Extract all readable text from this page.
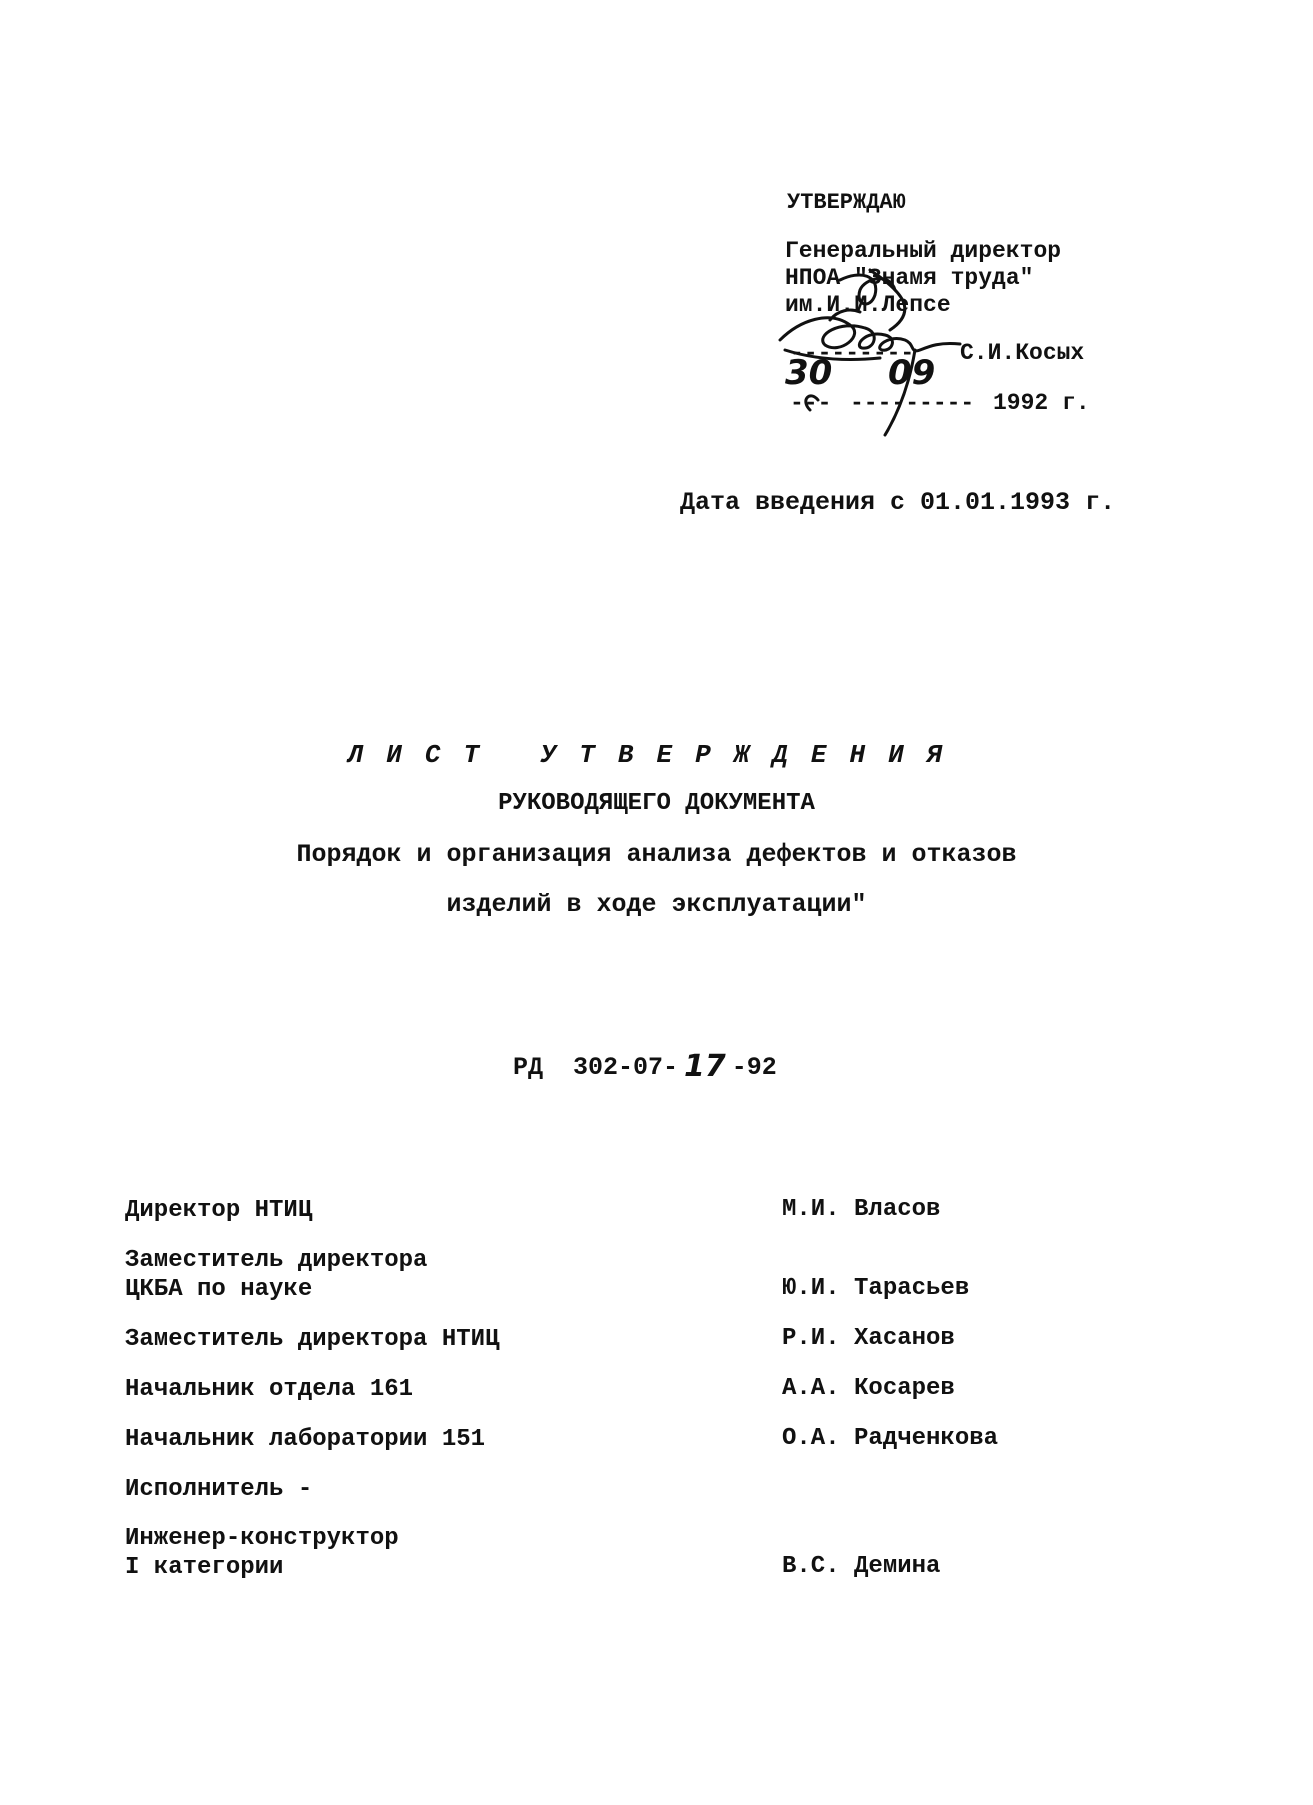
УТВЕРЖДАЮ
Генеральный директор
НПОА "Знамя труда"
им.И.И.Лепсе
--------- С.И.Косых
--- --------- 1992 г.
30 09
Дата введения с 01.01.1993 г.
ЛИСТ УТВЕРЖДЕНИЯ
РУКОВОДЯЩЕГО ДОКУМЕНТА
Порядок и организация анализа дефектов и отказов
изделий в ходе эксплуатации"

РД  302-07- 17 -92

Директор НТИЦ	М.И. Власов
Заместитель директора
ЦКБА по науке	Ю.И. Тарасьев
Заместитель директора НТИЦ	Р.И. Хасанов
Начальник отдела 161	А.А. Косарев
Начальник лаборатории 151	О.А. Радченкова
Исполнитель -
Инженер-конструктор
I категории	В.С. Демина
